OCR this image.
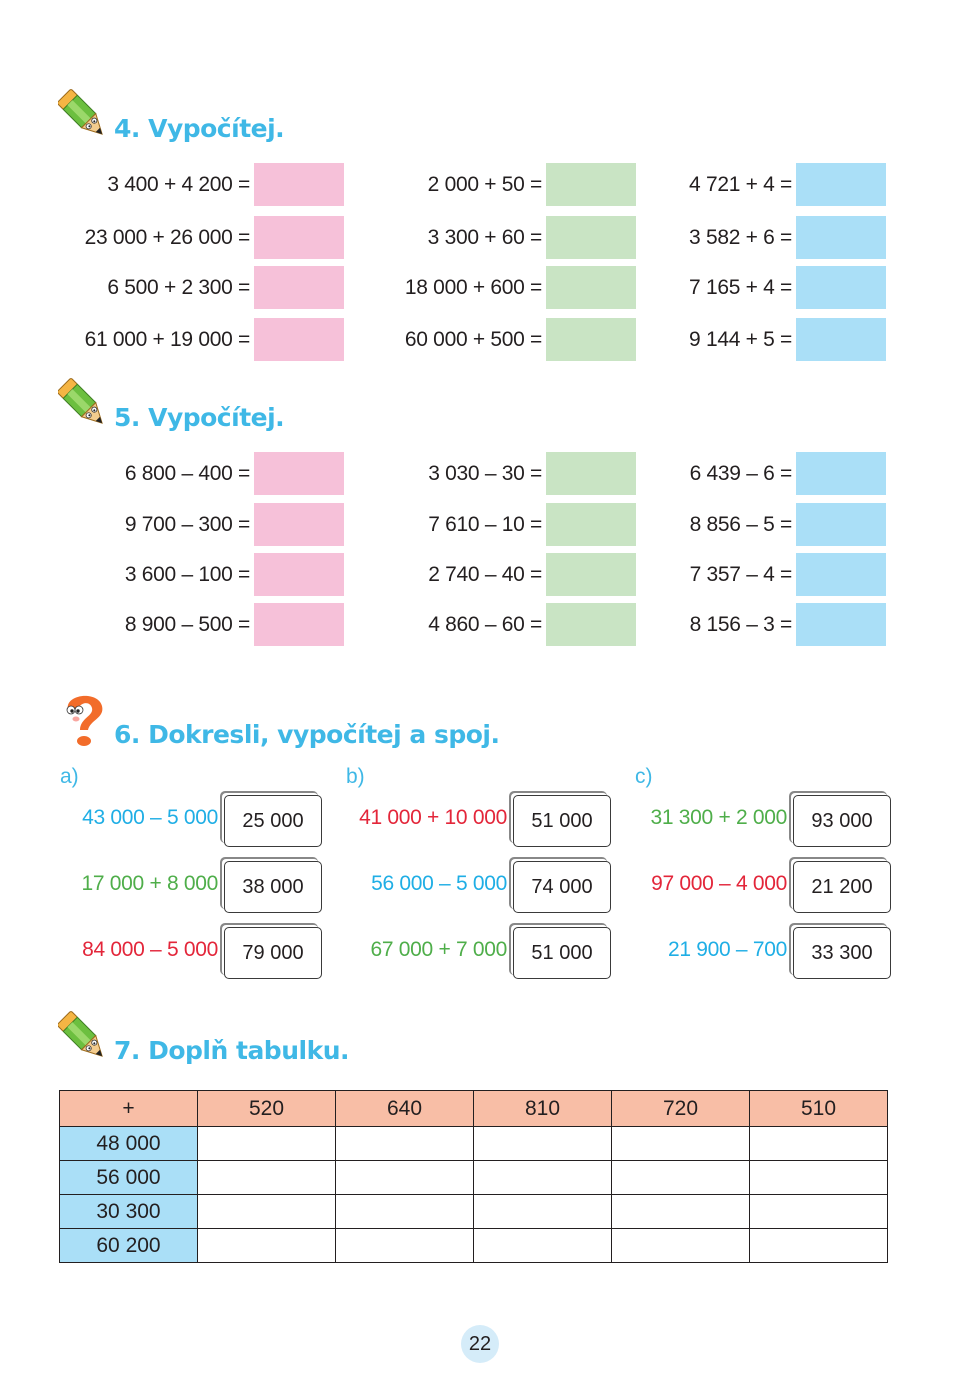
4. Vypočítej.
3 400 + 4 200 =
23 000 + 26 000 =
6 500 + 2 300 =
61 000 + 19 000 =
2 000 + 50 =
3 300 + 60 =
18 000 + 600 =
60 000 + 500 =
4 721 + 4 =
3 582 + 6 =
7 165 + 4 =
9 144 + 5 =
5. Vypočítej.
6 800 – 400 =
9 700 – 300 =
3 600 – 100 =
8 900 – 500 =
3 030 – 30 =
7 610 – 10 =
2 740 – 40 =
4 860 – 60 =
6 439 – 6 =
8 856 – 5 =
7 357 – 4 =
8 156 – 3 =
6. Dokresli, vypočítej a spoj.
a)
43 000 – 5 000	25 000
17 000 + 8 000	38 000
84 000 – 5 000	79 000
b)
41 000 + 10 000	51 000
56 000 – 5 000	74 000
67 000 + 7 000	51 000
c)
31 300 + 2 000	93 000
97 000 – 4 000	21 200
21 900 – 700	33 300
7. Doplň tabulku.
+	520	640	810	720	510
48 000					
56 000					
30 300					
60 200					
22
